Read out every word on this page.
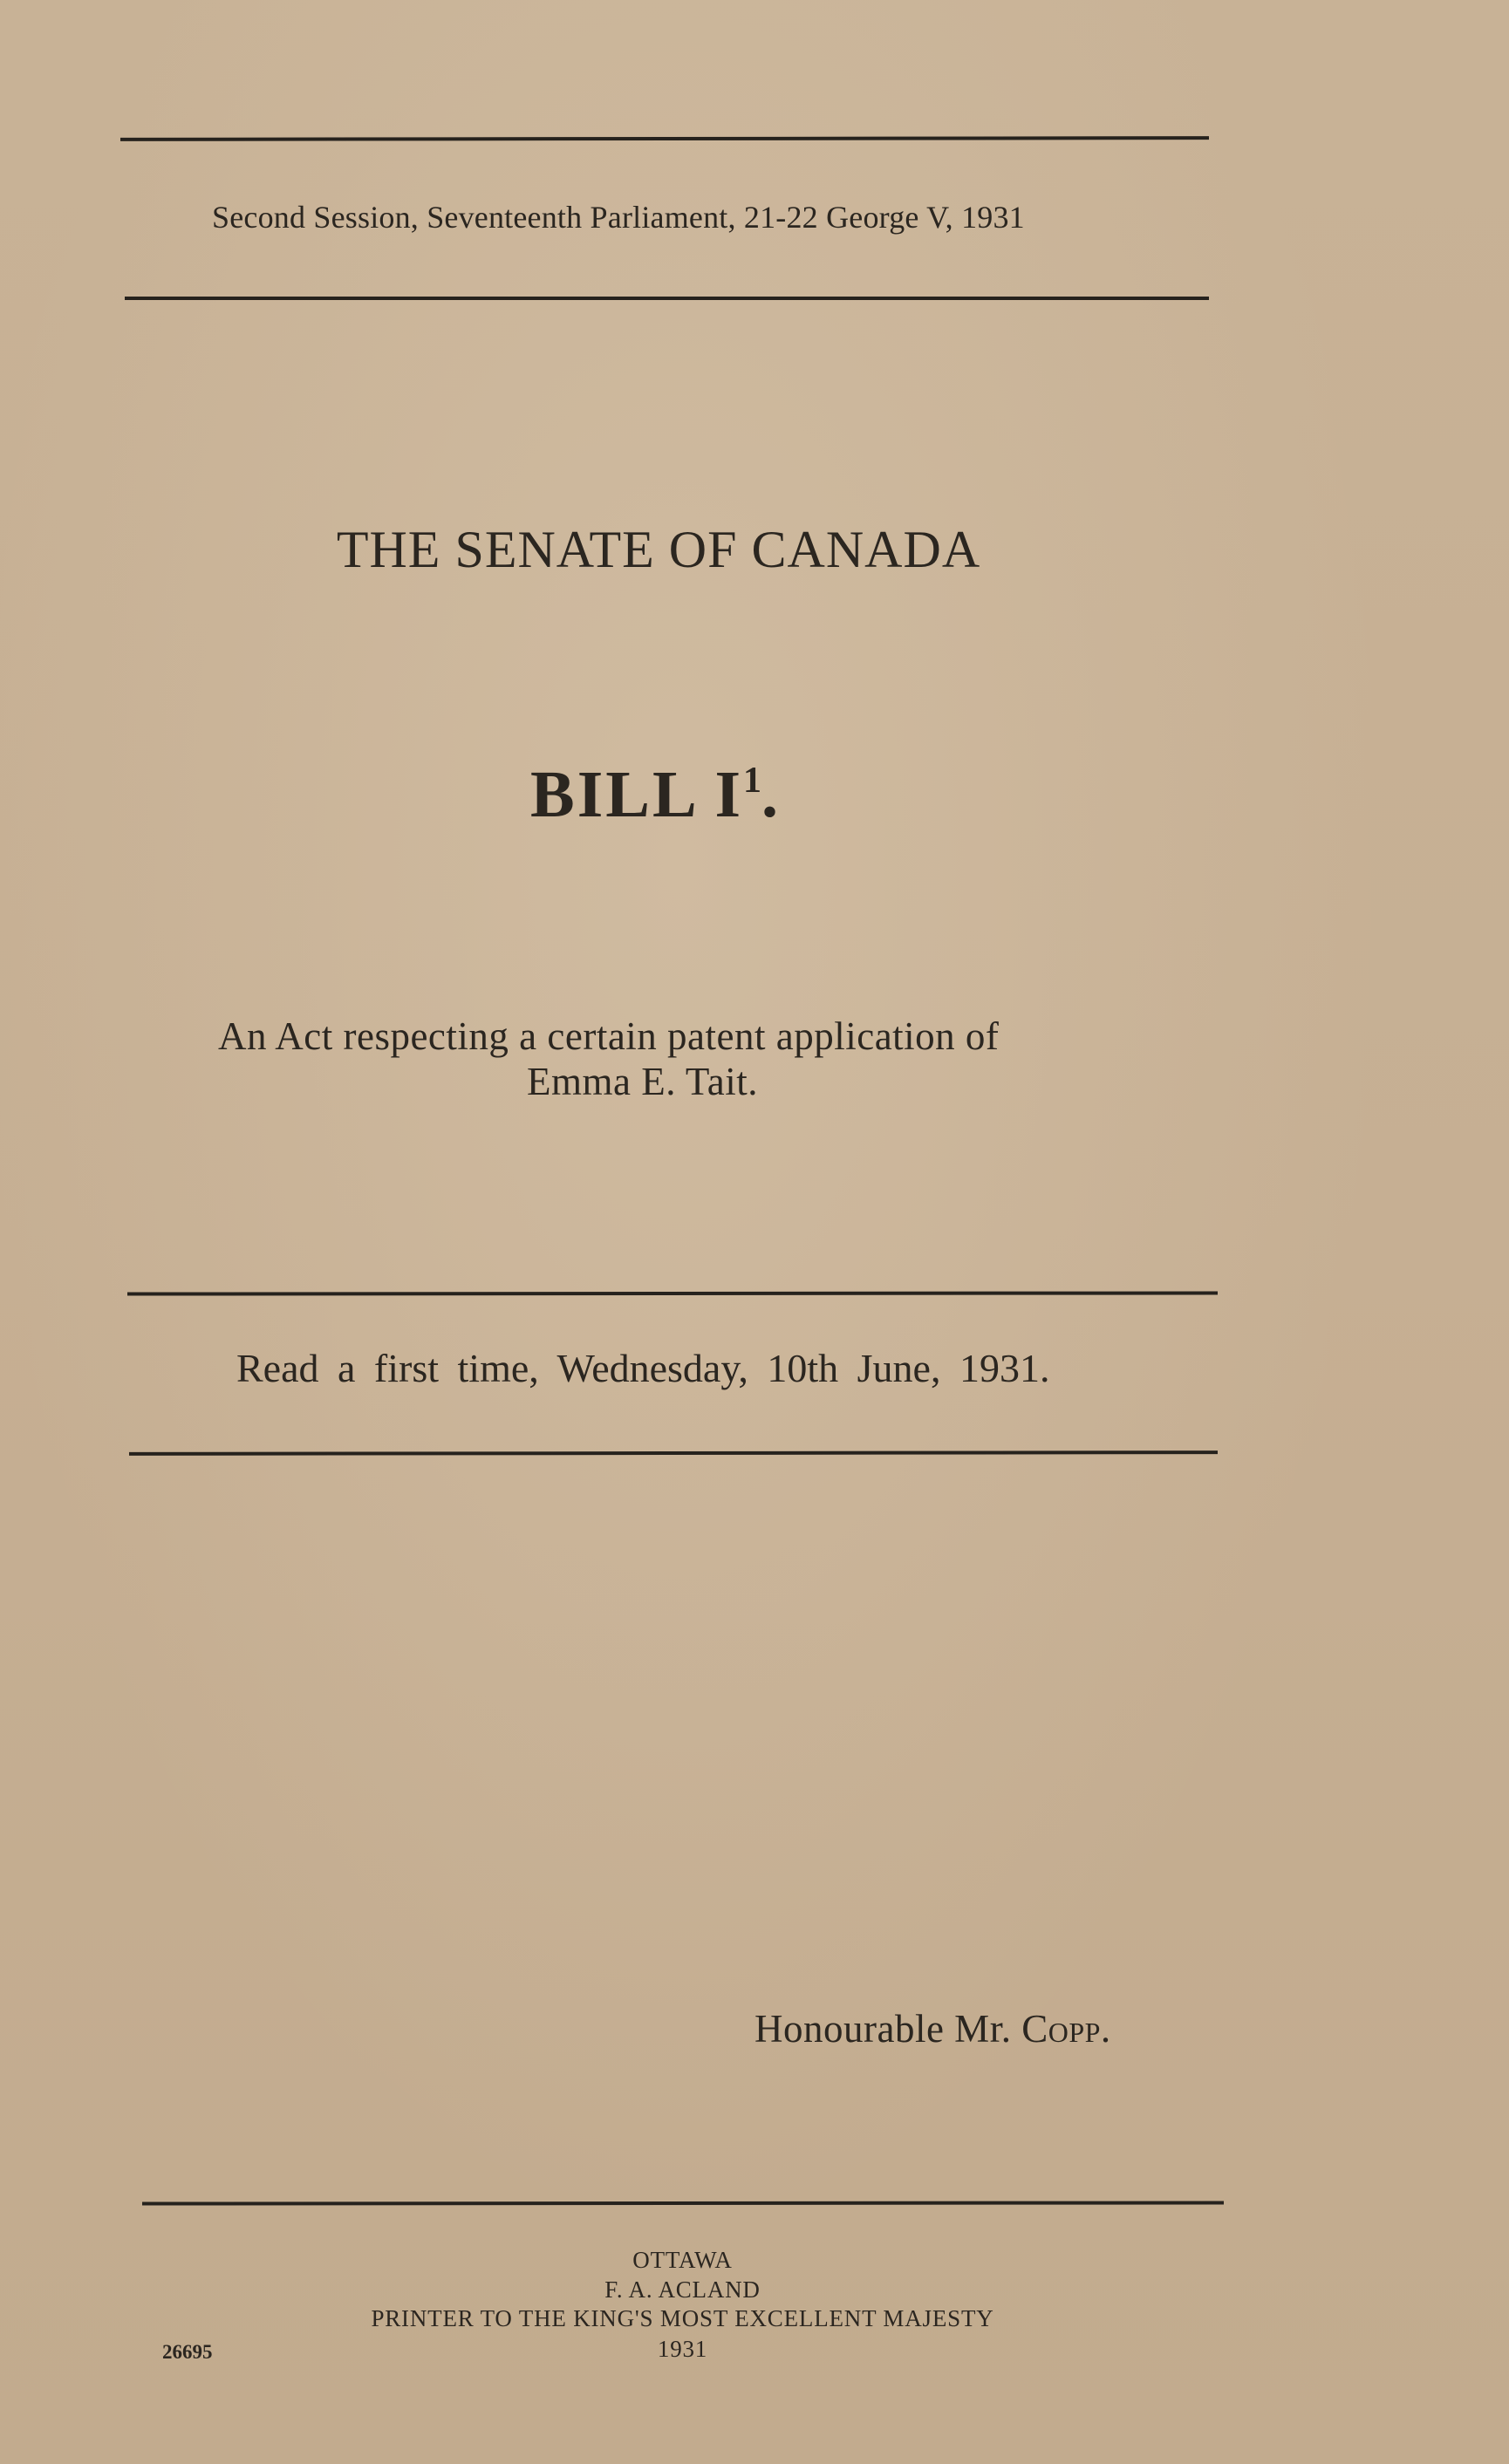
Second Session, Seventeenth Parliament, 21-22 George V, 1931
THE SENATE OF CANADA
BILL $I^1$.
An Act respecting a certain patent application of
Emma E. Tait.
Read a first time, Wednesday, 10th June, 1931.
Honourable Mr. Copp.
OTTAWA
F. A. ACLAND
PRINTER TO THE KING'S MOST EXCELLENT MAJESTY
1931
26695
